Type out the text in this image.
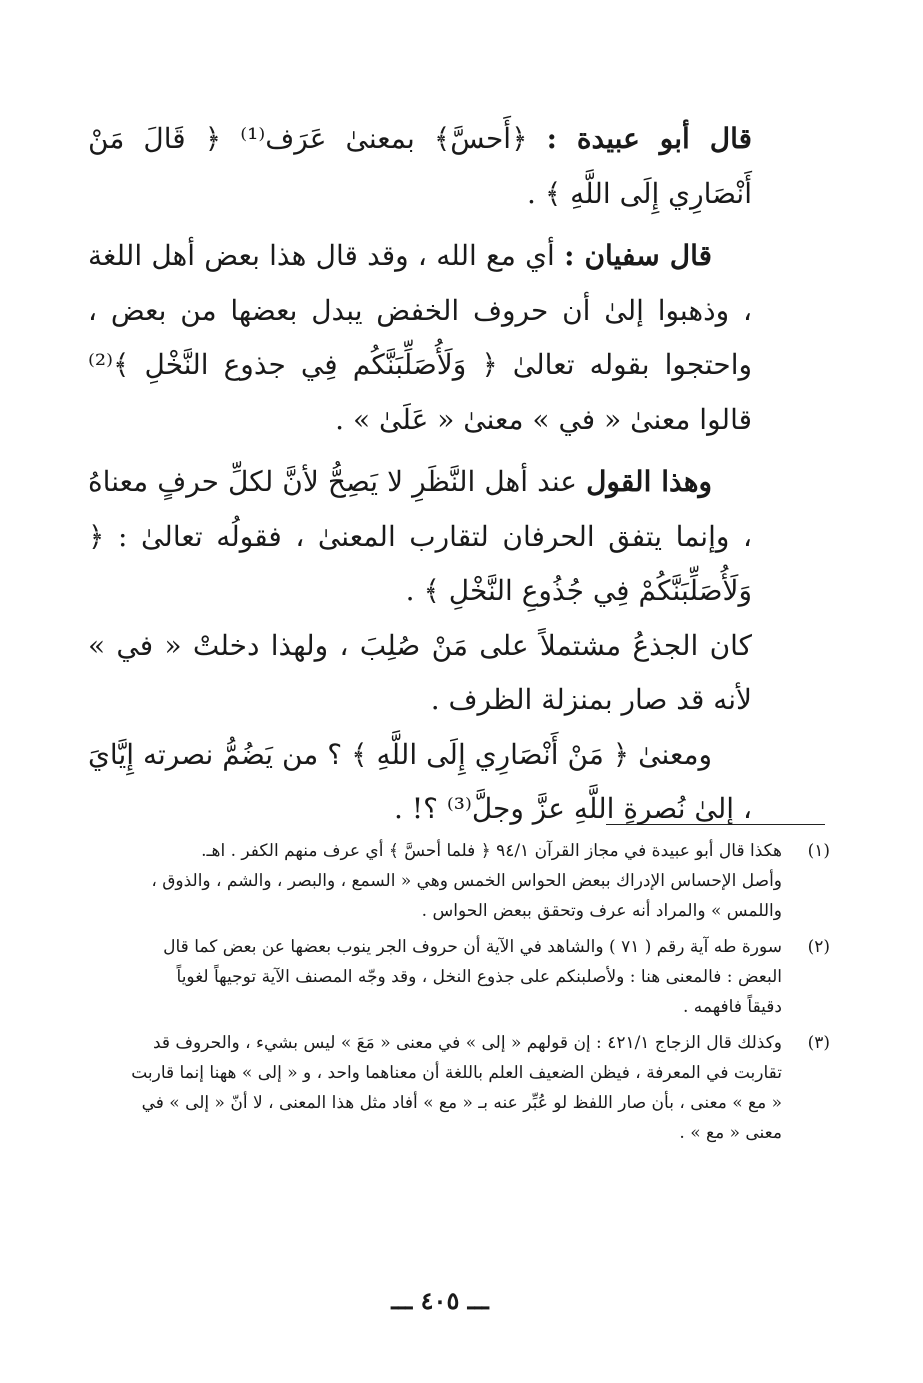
قال أبو عبيدة : ﴿أَحسَّ﴾ بمعنىٰ عَرَف⁽¹⁾ ﴿ قَالَ مَنْ أَنْصَارِي إِلَى اللَّهِ ﴾ .

قال سفيان : أي مع الله ، وقد قال هذا بعض أهل اللغة ، وذهبوا إلىٰ أن حروف الخفض يبدل بعضها من بعض ، واحتجوا بقوله تعالىٰ ﴿ وَلَأُصَلِّبَنَّكُم فِي جذوع النَّخْلِ ﴾⁽²⁾ قالوا معنىٰ « في » معنىٰ « عَلَىٰ » .

وهذا القول عند أهل النَّظَرِ لا يَصِحُّ لأنَّ لكلِّ حرفٍ معناهُ ، وإنما يتفق الحرفان لتقارب المعنىٰ ، فقولُه تعالىٰ : ﴿ وَلَأُصَلِّبَنَّكُمْ فِي جُذُوعِ النَّخْلِ ﴾ .

كان الجذعُ مشتملاً على مَنْ صُلِبَ ، ولهذا دخلتْ « في » لأنه قد صار بمنزلة الظرف .

ومعنىٰ ﴿ مَنْ أَنْصَارِي إِلَى اللَّهِ ﴾ ؟ من يَضُمُّ نصرته إِيَّايَ ، إلىٰ نُصرةِ اللَّهِ عزَّ وجلَّ⁽³⁾ ؟! .

(١)
هكذا قال أبو عبيدة في مجاز القرآن ٩٤/١ ﴿ فلما أحسَّ ﴾ أي عرف منهم الكفر . اهـ.
وأصل الإحساس الإدراك ببعض الحواس الخمس وهي « السمع ، والبصر ، والشم ، والذوق ،
واللمس » والمراد أنه عرف وتحقق ببعض الحواس .
(٢)
سورة طه آية رقم ( ٧١ ) والشاهد في الآية أن حروف الجر ينوب بعضها عن بعض كما قال
البعض : فالمعنى هنا : ولأصلبنكم على جذوع النخل ، وقد وجّه المصنف الآية توجيهاً لغوياً
دقيقاً فافهمه .
(٣)
وكذلك قال الزجاج ٤٢١/١ : إن قولهم « إلى » في معنى « مَعَ » ليس بشيء ، والحروف قد
تقاربت في المعرفة ، فيظن الضعيف العلم باللغة أن معناهما واحد ، و « إلى » ههنا إنما قاربت
« مع » معنى ، بأن صار اللفظ لو عُبِّر عنه بـ « مع » أفاد مثل هذا المعنى ، لا أنّ « إلى » في
معنى « مع » .
ـــ ٤٠٥ ـــ
